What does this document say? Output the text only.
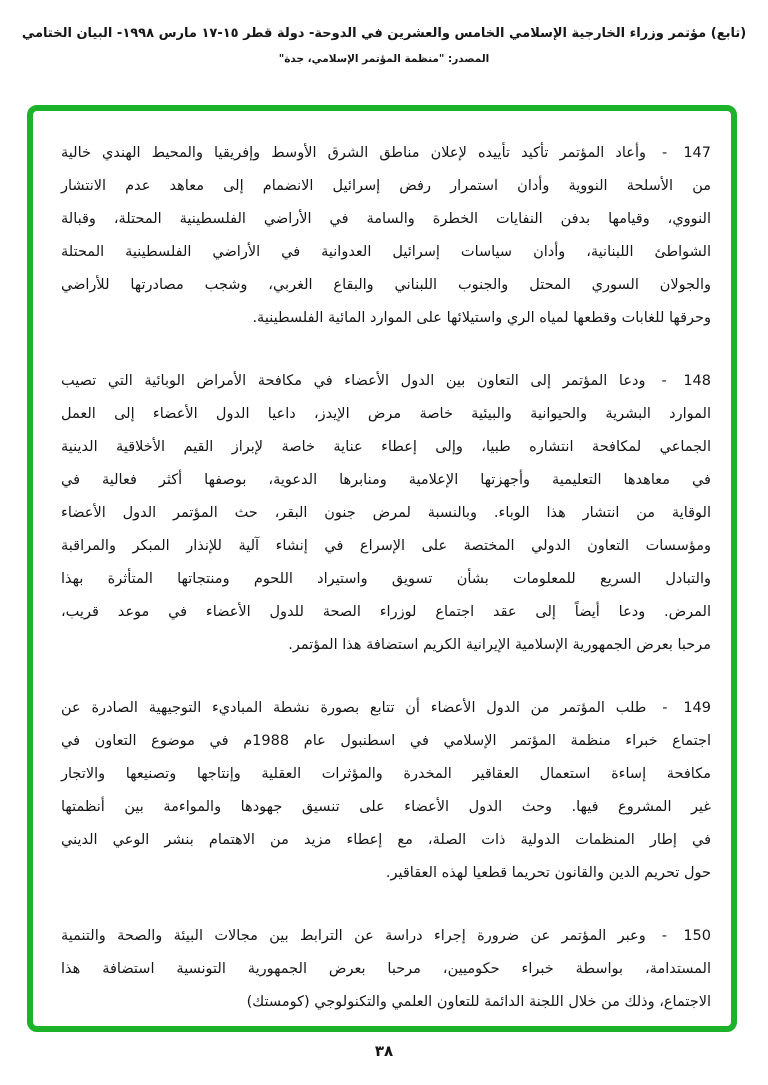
(تابع) مؤتمر وزراء الخارجية الإسلامي الخامس والعشرين في الدوحة- دولة قطر ١٥-١٧ مارس ١٩٩٨- البيان الختامي
المصدر: "منظمة المؤتمر الإسلامي، جدة"
147 -وأعاد المؤتمر تأكيد تأييده لإعلان مناطق الشرق الأوسط وإفريقيا والمحيط الهندي خالية
من الأسلحة النووية وأدان استمرار رفض إسرائيل الانضمام إلى معاهد عدم الانتشار
النووي، وقيامها بدفن النفايات الخطرة والسامة في الأراضي الفلسطينية المحتلة، وقبالة
الشواطئ اللبنانية، وأدان سياسات إسرائيل العدوانية في الأراضي الفلسطينية المحتلة
والجولان السوري المحتل والجنوب اللبناني والبقاع الغربي، وشجب مصادرتها للأراضي
وحرقها للغابات وقطعها لمياه الري واستيلائها على الموارد المائية الفلسطينية.
148 -ودعا المؤتمر إلى التعاون بين الدول الأعضاء في مكافحة الأمراض الوبائية التي تصيب
الموارد البشرية والحيوانية والبيئية خاصة مرض الإيدز، داعيا الدول الأعضاء إلى العمل
الجماعي لمكافحة انتشاره طبيا، وإلى إعطاء عناية خاصة لإبراز القيم الأخلاقية الدينية
في معاهدها التعليمية وأجهزتها الإعلامية ومنابرها الدعوية، بوصفها أكثر فعالية في
الوقاية من انتشار هذا الوباء. وبالنسبة لمرض جنون البقر، حث المؤتمر الدول الأعضاء
ومؤسسات التعاون الدولي المختصة على الإسراع في إنشاء آلية للإنذار المبكر والمراقبة
والتبادل السريع للمعلومات بشأن تسويق واستيراد اللحوم ومنتجاتها المتأثرة بهذا
المرض. ودعا أيضاً إلى عقد اجتماع لوزراء الصحة للدول الأعضاء في موعد قريب،
مرحبا بعرض الجمهورية الإسلامية الإيرانية الكريم استضافة هذا المؤتمر.
149 -طلب المؤتمر من الدول الأعضاء أن تتابع بصورة نشطة المباديء التوجيهية الصادرة عن
اجتماع خبراء منظمة المؤتمر الإسلامي في اسطنبول عام 1988م في موضوع التعاون في
مكافحة إساءة استعمال العقاقير المخدرة والمؤثرات العقلية وإنتاجها وتصنيعها والاتجار
غير المشروع فيها. وحث الدول الأعضاء على تنسيق جهودها والمواءمة بين أنظمتها
في إطار المنظمات الدولية ذات الصلة، مع إعطاء مزيد من الاهتمام بنشر الوعي الديني
حول تحريم الدين والقانون تحريما قطعيا لهذه العقاقير.
150 -وعبر المؤتمر عن ضرورة إجراء دراسة عن الترابط بين مجالات البيئة والصحة والتنمية
المستدامة، بواسطة خبراء حكوميين، مرحبا بعرض الجمهورية التونسية استضافة هذا
الاجتماع، وذلك من خلال اللجنة الدائمة للتعاون العلمي والتكنولوجي (كومستك)
٣٨
